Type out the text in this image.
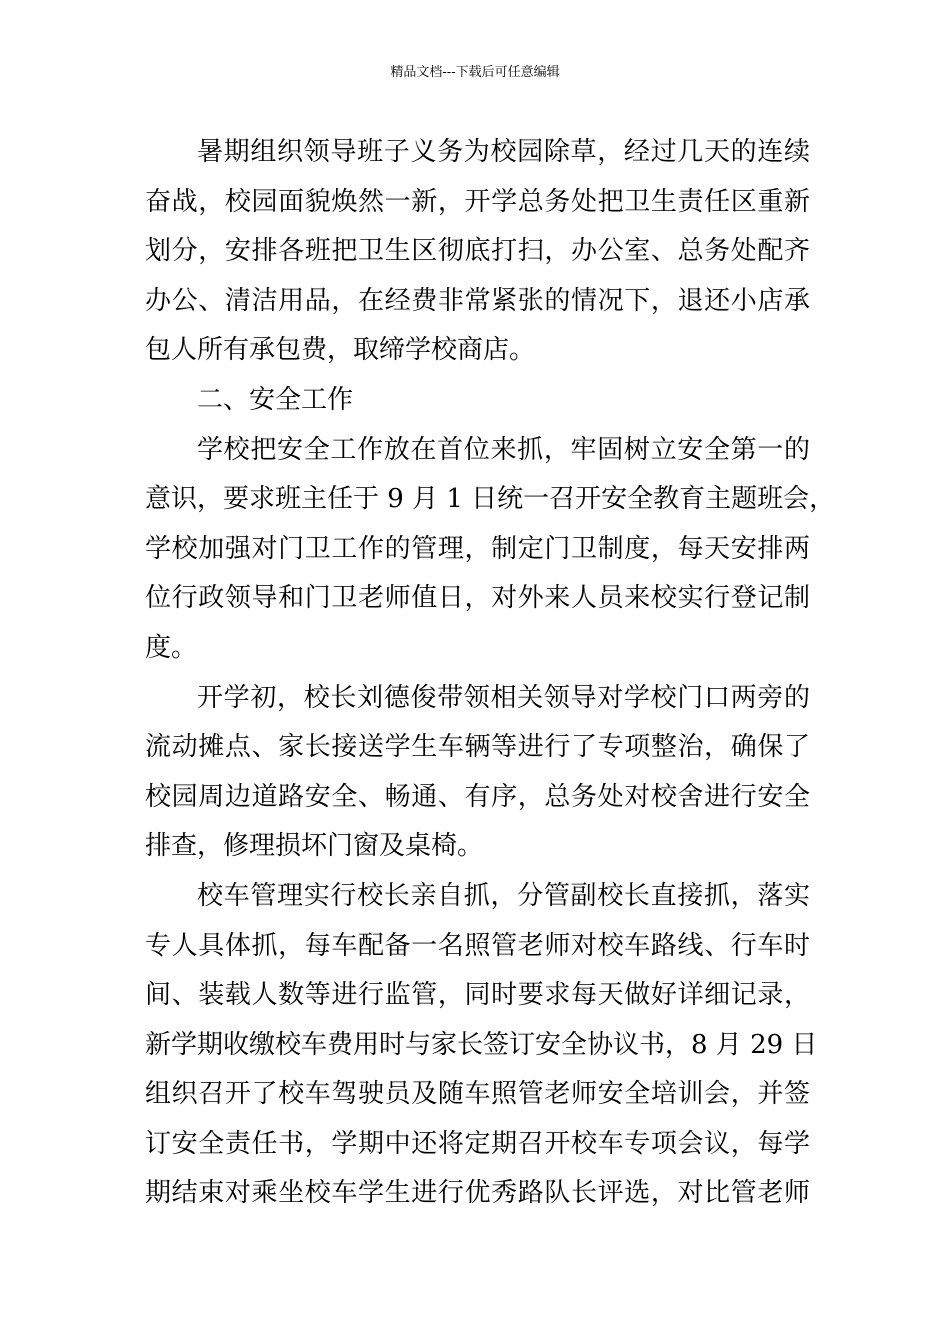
精品文档---下载后可任意编辑
暑期组织领导班子义务为校园除草，经过几天的连续
奋战，校园面貌焕然一新，开学总务处把卫生责任区重新
划分，安排各班把卫生区彻底打扫，办公室、总务处配齐
办公、清洁用品，在经费非常紧张的情况下，退还小店承
包人所有承包费，取缔学校商店。
二、安全工作
学校把安全工作放在首位来抓，牢固树立安全第一的
意识，要求班主任于 9 月 1 日统一召开安全教育主题班会，
学校加强对门卫工作的管理，制定门卫制度，每天安排两
位行政领导和门卫老师值日，对外来人员来校实行登记制
度。
开学初，校长刘德俊带领相关领导对学校门口两旁的
流动摊点、家长接送学生车辆等进行了专项整治，确保了
校园周边道路安全、畅通、有序，总务处对校舍进行安全
排查，修理损坏门窗及桌椅。
校车管理实行校长亲自抓，分管副校长直接抓，落实
专人具体抓，每车配备一名照管老师对校车路线、行车时
间、装载人数等进行监管，同时要求每天做好详细记录，
新学期收缴校车费用时与家长签订安全协议书，8 月 29 日
组织召开了校车驾驶员及随车照管老师安全培训会，并签
订安全责任书，学期中还将定期召开校车专项会议，每学
期结束对乘坐校车学生进行优秀路队长评选，对比管老师
